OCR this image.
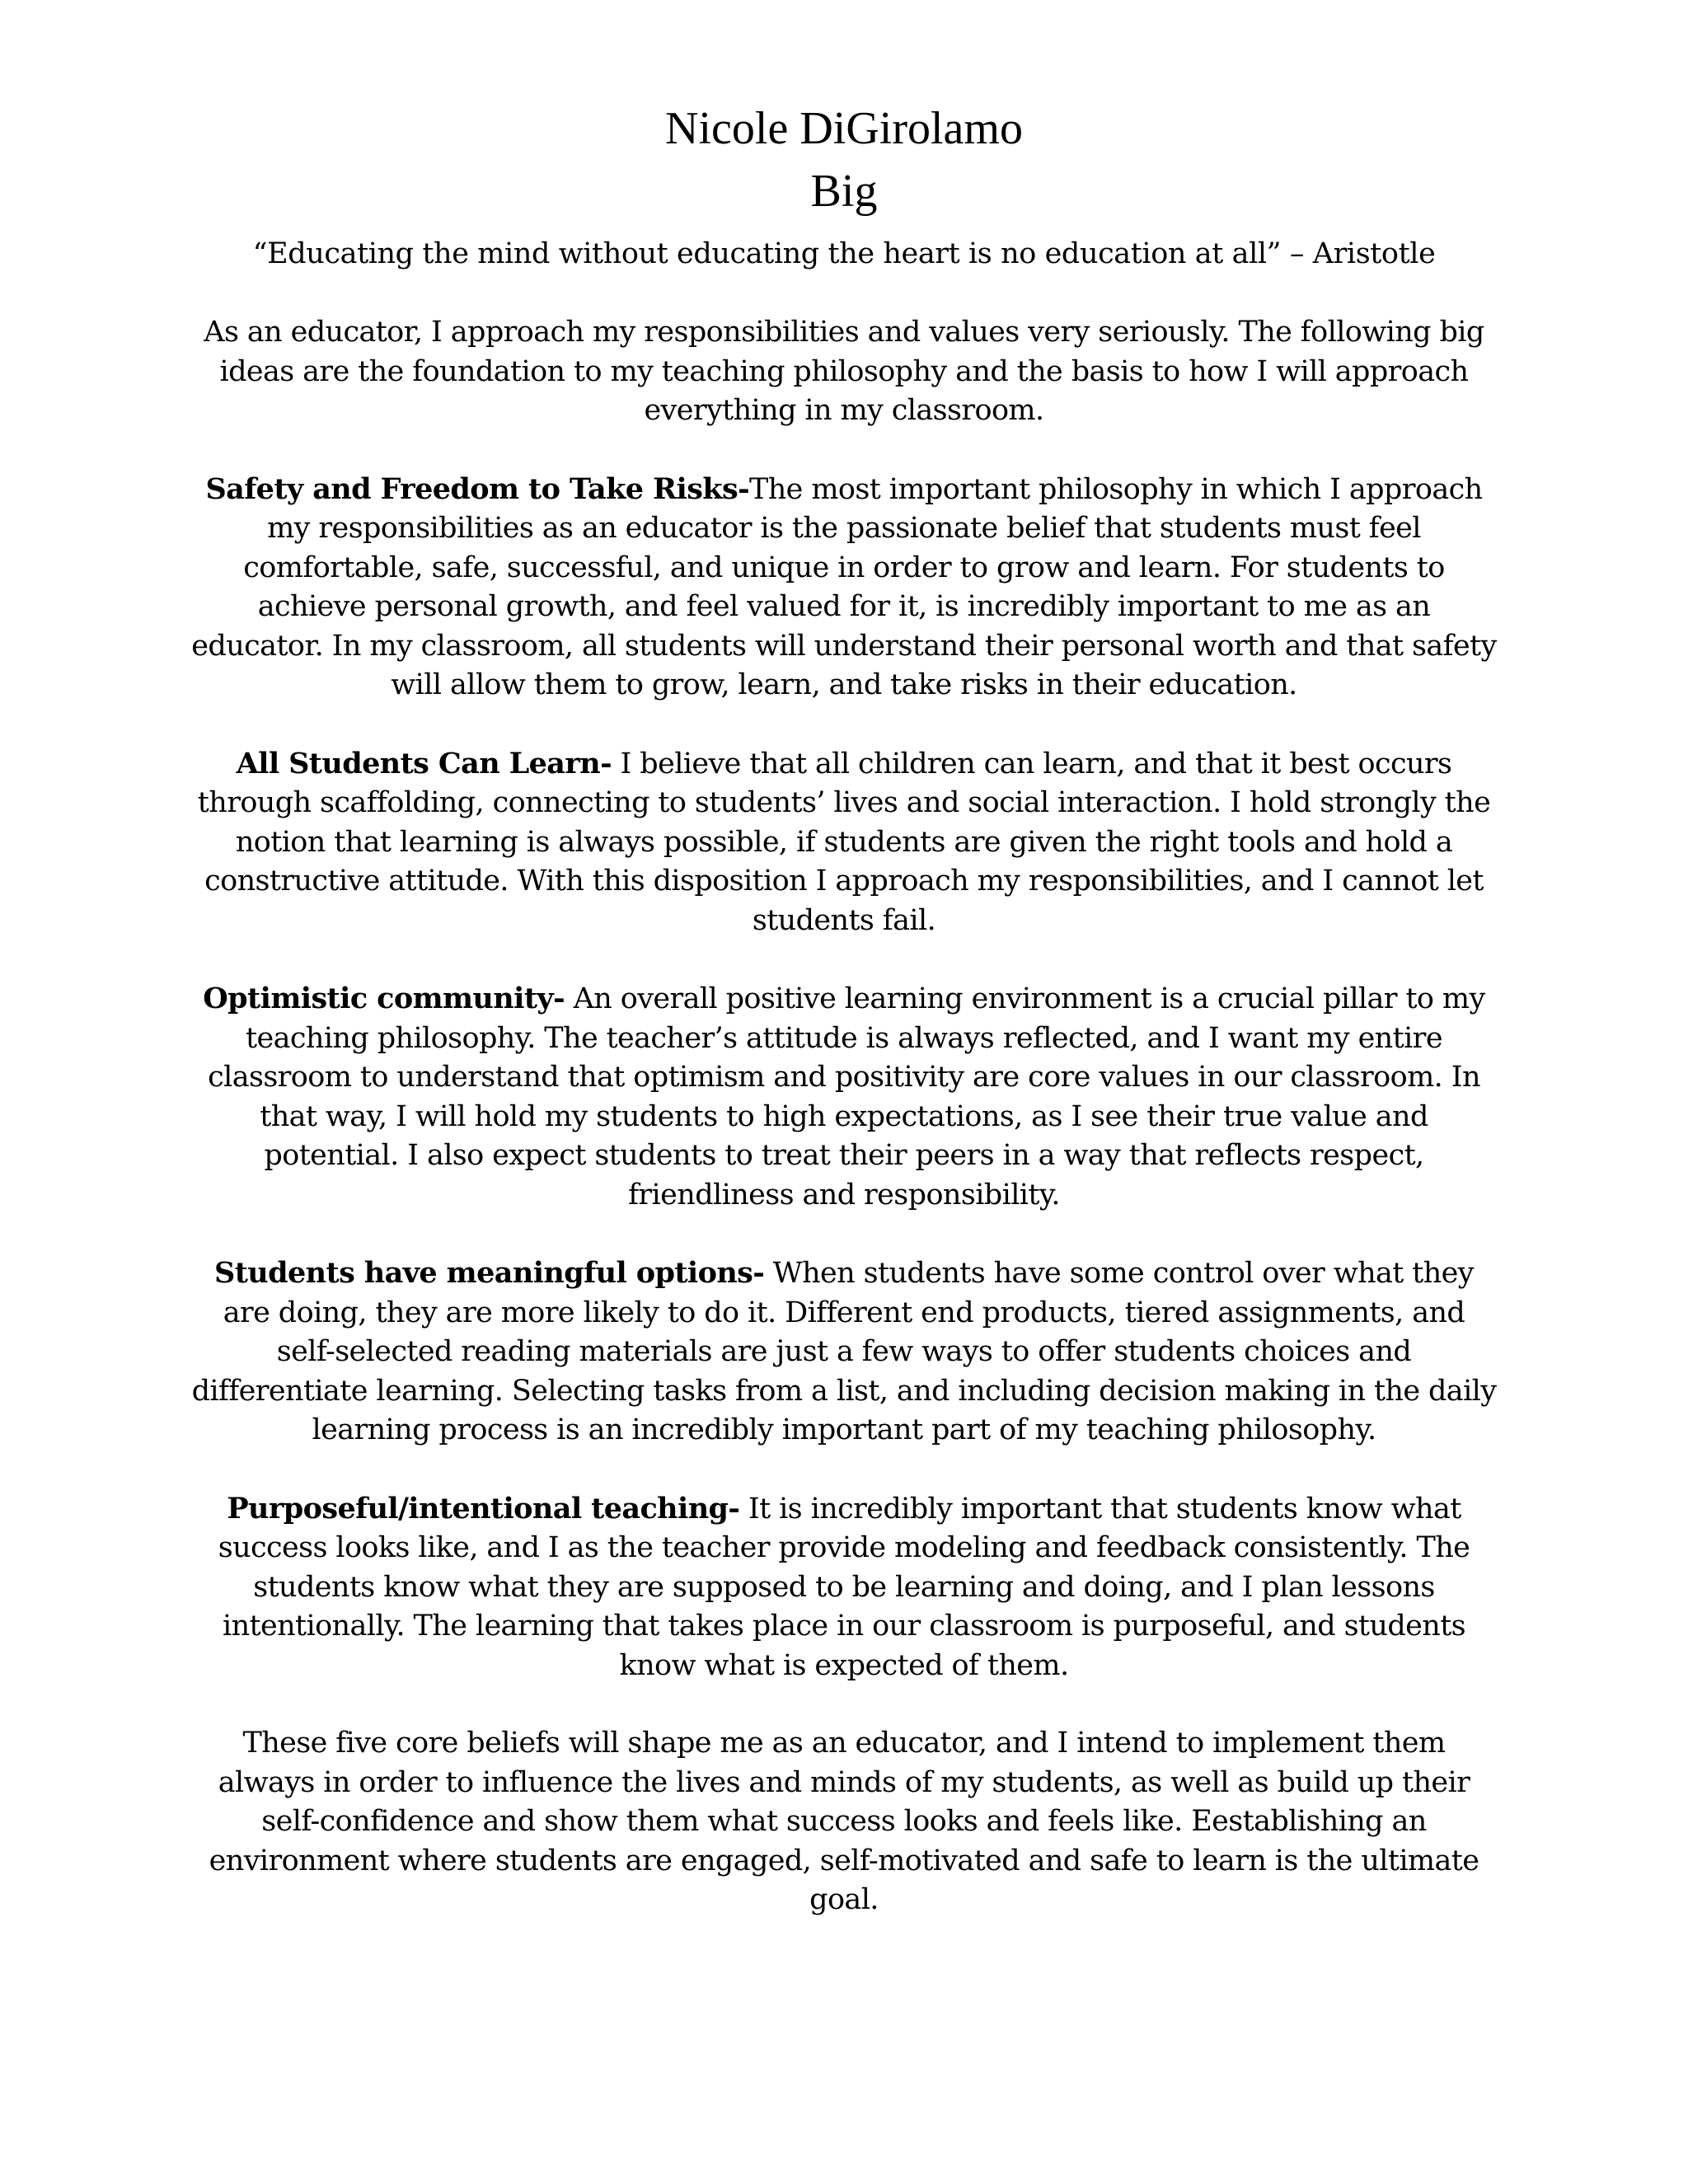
Nicole DiGirolamo
Big

“Educating the mind without educating the heart is no education at all” – Aristotle

As an educator, I approach my responsibilities and values very seriously. The following big ideas are the foundation to my teaching philosophy and the basis to how I will approach everything in my classroom.

Safety and Freedom to Take Risks-The most important philosophy in which I approach my responsibilities as an educator is the passionate belief that students must feel comfortable, safe, successful, and unique in order to grow and learn. For students to achieve personal growth, and feel valued for it, is incredibly important to me as an educator. In my classroom, all students will understand their personal worth and that safety will allow them to grow, learn, and take risks in their education.

All Students Can Learn- I believe that all children can learn, and that it best occurs through scaffolding, connecting to students’ lives and social interaction. I hold strongly the notion that learning is always possible, if students are given the right tools and hold a constructive attitude. With this disposition I approach my responsibilities, and I cannot let students fail.

Optimistic community- An overall positive learning environment is a crucial pillar to my teaching philosophy. The teacher’s attitude is always reflected, and I want my entire classroom to understand that optimism and positivity are core values in our classroom. In that way, I will hold my students to high expectations, as I see their true value and potential. I also expect students to treat their peers in a way that reflects respect, friendliness and responsibility.

Students have meaningful options- When students have some control over what they are doing, they are more likely to do it. Different end products, tiered assignments, and self-selected reading materials are just a few ways to offer students choices and differentiate learning. Selecting tasks from a list, and including decision making in the daily learning process is an incredibly important part of my teaching philosophy.

Purposeful/intentional teaching- It is incredibly important that students know what success looks like, and I as the teacher provide modeling and feedback consistently. The students know what they are supposed to be learning and doing, and I plan lessons intentionally. The learning that takes place in our classroom is purposeful, and students know what is expected of them.

These five core beliefs will shape me as an educator, and I intend to implement them always in order to influence the lives and minds of my students, as well as build up their self-confidence and show them what success looks and feels like. Eestablishing an environment where students are engaged, self-motivated and safe to learn is the ultimate goal.
